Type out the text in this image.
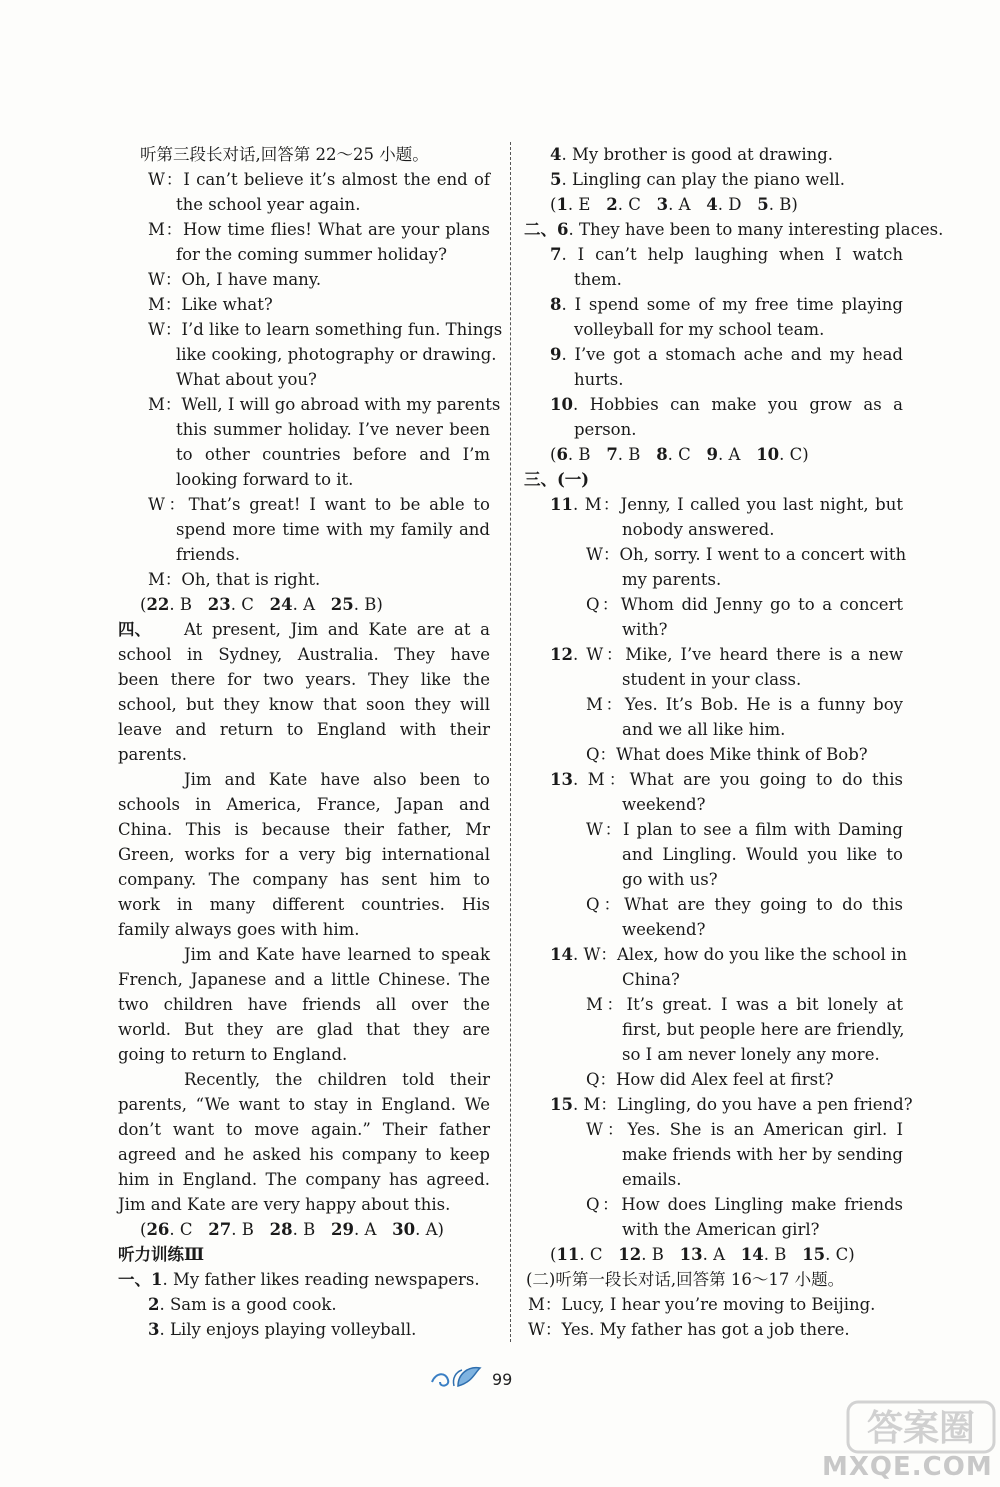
听第三段长对话,回答第 22～25 小题。
W：I can’t believe it’s almost the end of
the school year again.
M：How time flies! What are your plans
for the coming summer holiday?
W：Oh, I have many.
M：Like what?
W：I’d like to learn something fun. Things
like cooking, photography or drawing.
What about you?
M：Well, I will go abroad with my parents
this summer holiday. I’ve never been
to other countries before and I’m
looking forward to it.
W：That’s great! I want to be able to
spend more time with my family and
friends.
M：Oh, that is right.
(22. B 23. C 24. A 25. B)
四、 At present, Jim and Kate are at a
school in Sydney, Australia. They have
been there for two years. They like the
school, but they know that soon they will
leave and return to England with their
parents.
Jim and Kate have also been to
schools in America, France, Japan and
China. This is because their father, Mr
Green, works for a very big international
company. The company has sent him to
work in many different countries. His
family always goes with him.
Jim and Kate have learned to speak
French, Japanese and a little Chinese. The
two children have friends all over the
world. But they are glad that they are
going to return to England.
Recently, the children told their
parents, “We want to stay in England. We
don’t want to move again.” Their father
agreed and he asked his company to keep
him in England. The company has agreed.
Jim and Kate are very happy about this.
(26. C 27. B 28. B 29. A 30. A)
听力训练Ⅲ
一、1. My father likes reading newspapers.
2. Sam is a good cook.
3. Lily enjoys playing volleyball.
4. My brother is good at drawing.
5. Lingling can play the piano well.
(1. E 2. C 3. A 4. D 5. B)
二、6. They have been to many interesting places.
7. I can’t help laughing when I watch
them.
8. I spend some of my free time playing
volleyball for my school team.
9. I’ve got a stomach ache and my head
hurts.
10. Hobbies can make you grow as a
person.
(6. B 7. B 8. C 9. A 10. C)
三、(一)
11. M：Jenny, I called you last night, but
nobody answered.
W：Oh, sorry. I went to a concert with
my parents.
Q：Whom did Jenny go to a concert
with?
12. W：Mike, I’ve heard there is a new
student in your class.
M：Yes. It’s Bob. He is a funny boy
and we all like him.
Q：What does Mike think of Bob?
13. M：What are you going to do this
weekend?
W：I plan to see a film with Daming
and Lingling. Would you like to
go with us?
Q：What are they going to do this
weekend?
14. W：Alex, how do you like the school in
China?
M：It’s great. I was a bit lonely at
first, but people here are friendly,
so I am never lonely any more.
Q：How did Alex feel at first?
15. M：Lingling, do you have a pen friend?
W：Yes. She is an American girl. I
make friends with her by sending
emails.
Q：How does Lingling make friends
with the American girl?
(11. C 12. B 13. A 14. B 15. C)
(二)听第一段长对话,回答第 16～17 小题。
M：Lucy, I hear you’re moving to Beijing.
W：Yes. My father has got a job there.
99
答案圈
MXQE.COM
